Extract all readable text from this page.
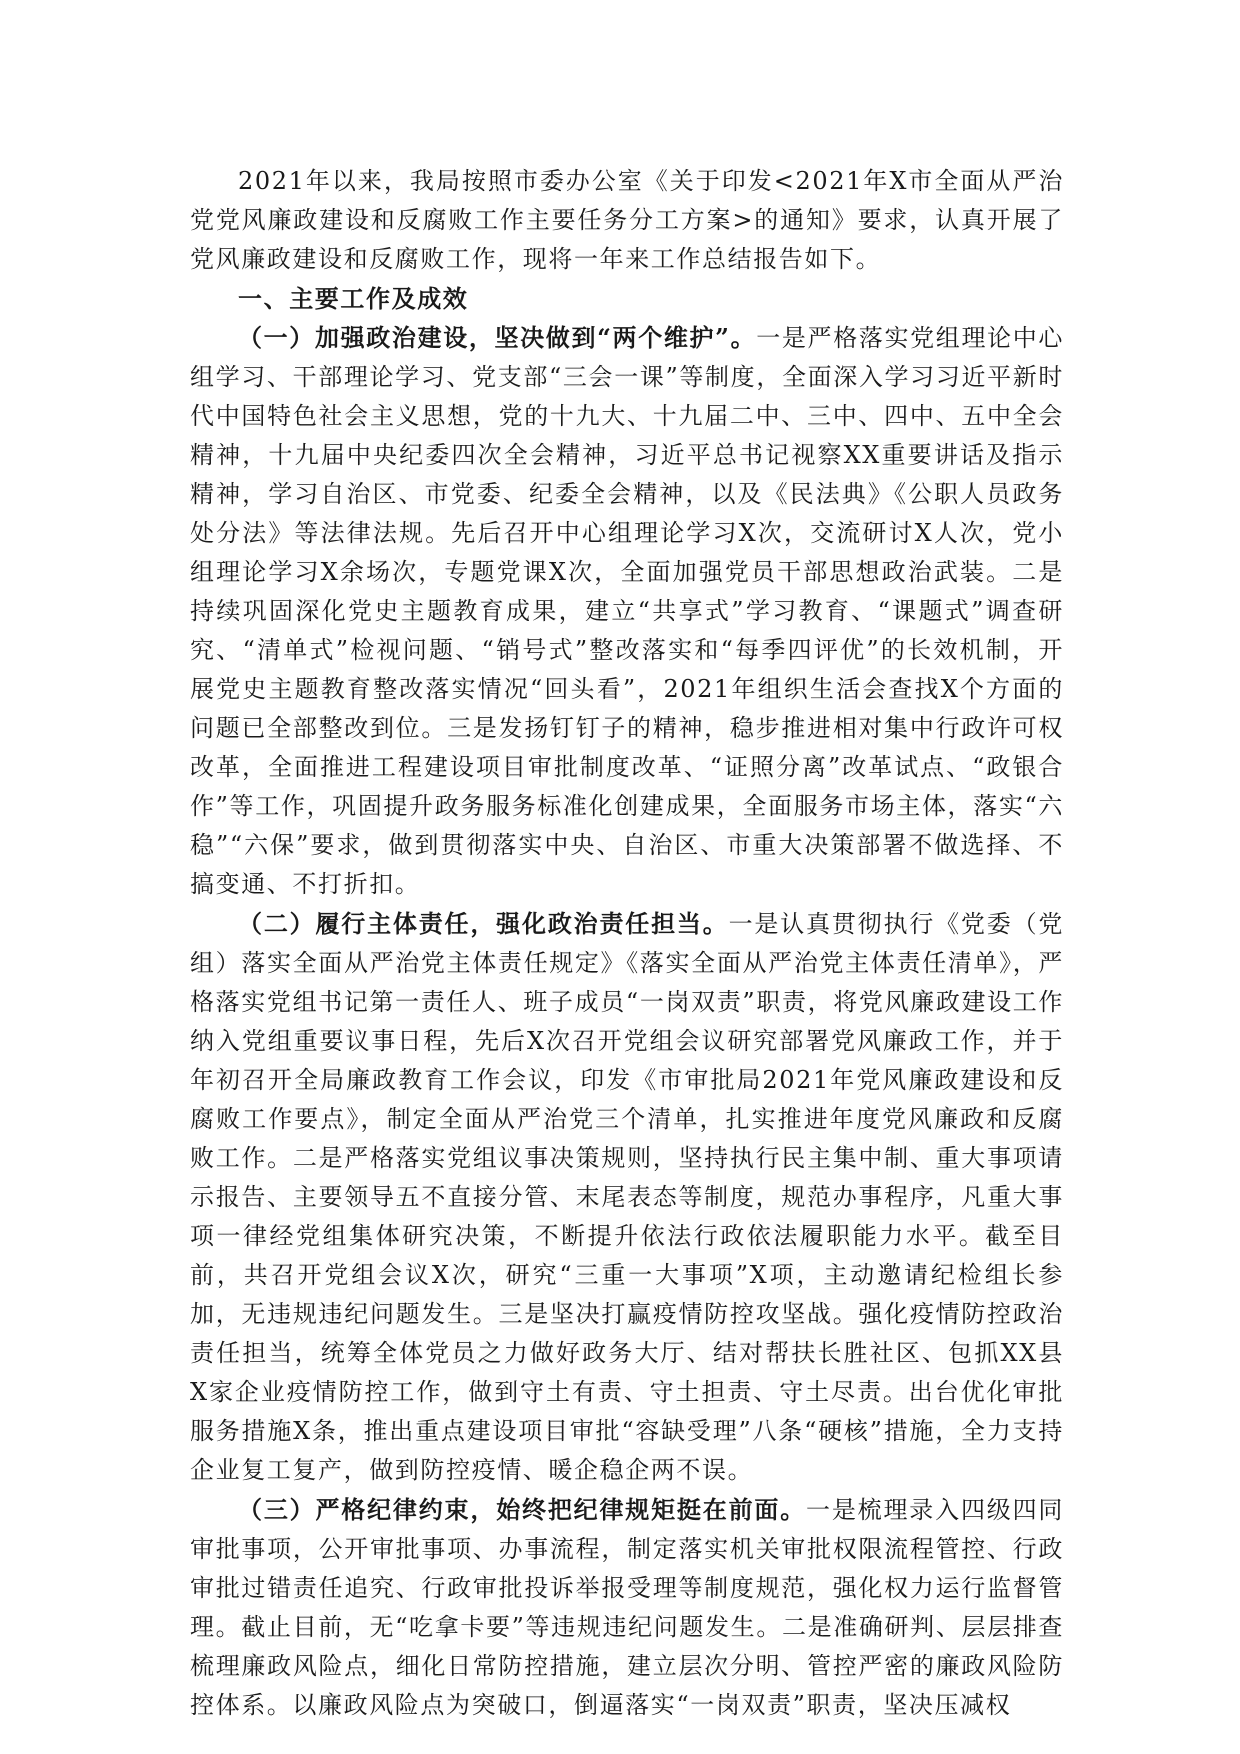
2021年以来，我局按照市委办公室《关于印发<2021年X市全面从严治党党风廉政建设和反腐败工作主要任务分工方案>的通知》要求，认真开展了党风廉政建设和反腐败工作，现将一年来工作总结报告如下。

一、主要工作及成效

（一）加强政治建设，坚决做到“两个维护”。一是严格落实党组理论中心组学习、干部理论学习、党支部“三会一课”等制度，全面深入学习习近平新时代中国特色社会主义思想，党的十九大、十九届二中、三中、四中、五中全会精神，十九届中央纪委四次全会精神，习近平总书记视察XX重要讲话及指示精神，学习自治区、市党委、纪委全会精神，以及《民法典》《公职人员政务处分法》等法律法规。先后召开中心组理论学习X次，交流研讨X人次，党小组理论学习X余场次，专题党课X次，全面加强党员干部思想政治武装。二是持续巩固深化党史主题教育成果，建立“共享式”学习教育、“课题式”调查研究、“清单式”检视问题、“销号式”整改落实和“每季四评优”的长效机制，开展党史主题教育整改落实情况“回头看”，2021年组织生活会查找X个方面的问题已全部整改到位。三是发扬钉钉子的精神，稳步推进相对集中行政许可权改革，全面推进工程建设项目审批制度改革、“证照分离”改革试点、“政银合作”等工作，巩固提升政务服务标准化创建成果，全面服务市场主体，落实“六稳”“六保”要求，做到贯彻落实中央、自治区、市重大决策部署不做选择、不搞变通、不打折扣。

（二）履行主体责任，强化政治责任担当。一是认真贯彻执行《党委（党组）落实全面从严治党主体责任规定》《落实全面从严治党主体责任清单》，严格落实党组书记第一责任人、班子成员“一岗双责”职责，将党风廉政建设工作纳入党组重要议事日程，先后X次召开党组会议研究部署党风廉政工作，并于年初召开全局廉政教育工作会议，印发《市审批局2021年党风廉政建设和反腐败工作要点》，制定全面从严治党三个清单，扎实推进年度党风廉政和反腐败工作。二是严格落实党组议事决策规则，坚持执行民主集中制、重大事项请示报告、主要领导五不直接分管、末尾表态等制度，规范办事程序，凡重大事项一律经党组集体研究决策，不断提升依法行政依法履职能力水平。截至目前，共召开党组会议X次，研究“三重一大事项”X项，主动邀请纪检组长参加，无违规违纪问题发生。三是坚决打赢疫情防控攻坚战。强化疫情防控政治责任担当，统筹全体党员之力做好政务大厅、结对帮扶长胜社区、包抓XX县X家企业疫情防控工作，做到守土有责、守土担责、守土尽责。出台优化审批服务措施X条，推出重点建设项目审批“容缺受理”八条“硬核”措施，全力支持企业复工复产，做到防控疫情、暖企稳企两不误。

（三）严格纪律约束，始终把纪律规矩挺在前面。一是梳理录入四级四同审批事项，公开审批事项、办事流程，制定落实机关审批权限流程管控、行政审批过错责任追究、行政审批投诉举报受理等制度规范，强化权力运行监督管理。截止目前，无“吃拿卡要”等违规违纪问题发生。二是准确研判、层层排查梳理廉政风险点，细化日常防控措施，建立层次分明、管控严密的廉政风险防控体系。以廉政风险点为突破口，倒逼落实“一岗双责”职责，坚决压减权
